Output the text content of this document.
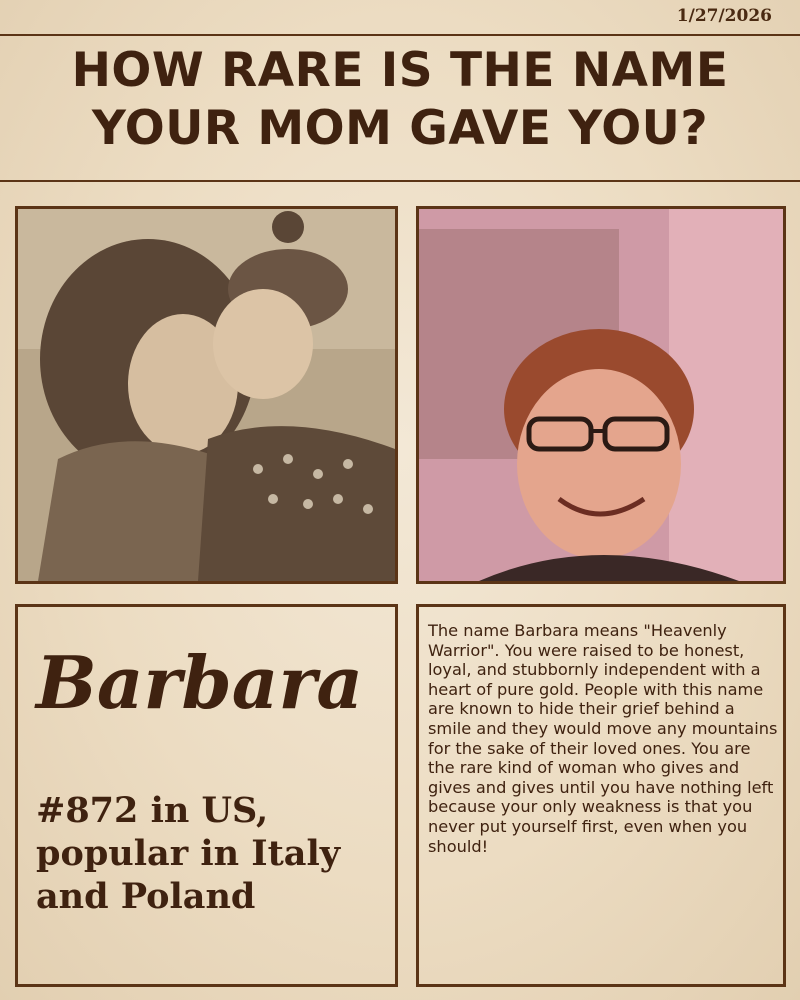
1/27/2026
HOW RARE IS THE NAME YOUR MOM GAVE YOU?
Barbara
#872 in US, popular in Italy and Poland
The name Barbara means "Heavenly Warrior". You were raised to be honest, loyal, and stubbornly independent with a heart of pure gold. People with this name are known to hide their grief behind a smile and they would move any mountains for the sake of their loved ones. You are the rare kind of woman who gives and gives and gives until you have nothing left because your only weakness is that you never put yourself first, even when you should!
